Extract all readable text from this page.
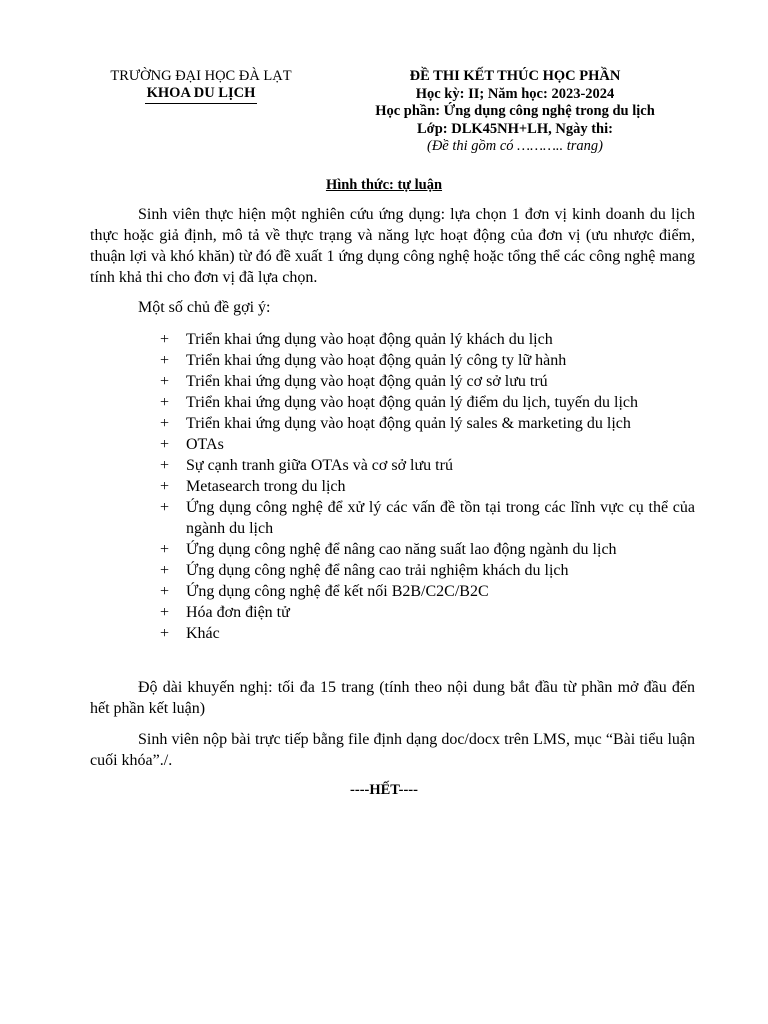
TRƯỜNG ĐẠI HỌC ĐÀ LẠT
KHOA DU LỊCH
ĐỀ THI KẾT THÚC HỌC PHẦN
Học kỳ: II; Năm học: 2023-2024
Học phần: Ứng dụng công nghệ trong du lịch
Lớp: DLK45NH+LH, Ngày thi:
(Đề thi gồm có ……….. trang)
Hình thức: tự luận
Sinh viên thực hiện một nghiên cứu ứng dụng: lựa chọn 1 đơn vị kinh doanh du lịch thực hoặc giả định, mô tả về thực trạng và năng lực hoạt động của đơn vị (ưu nhược điểm, thuận lợi và khó khăn) từ đó đề xuất 1 ứng dụng công nghệ hoặc tổng thể các công nghệ mang tính khả thi cho đơn vị đã lựa chọn.
Một số chủ đề gợi ý:
+ Triển khai ứng dụng vào hoạt động quản lý khách du lịch
+ Triển khai ứng dụng vào hoạt động quản lý công ty lữ hành
+ Triển khai ứng dụng vào hoạt động quản lý cơ sở lưu trú
+ Triển khai ứng dụng vào hoạt động quản lý điểm du lịch, tuyến du lịch
+ Triển khai ứng dụng vào hoạt động quản lý sales & marketing du lịch
+ OTAs
+ Sự cạnh tranh giữa OTAs và cơ sở lưu trú
+ Metasearch trong du lịch
+ Ứng dụng công nghệ để xử lý các vấn đề tồn tại trong các lĩnh vực cụ thể của ngành du lịch
+ Ứng dụng công nghệ để nâng cao năng suất lao động ngành du lịch
+ Ứng dụng công nghệ để nâng cao trải nghiệm khách du lịch
+ Ứng dụng công nghệ để kết nối B2B/C2C/B2C
+ Hóa đơn điện tử
+ Khác
Độ dài khuyến nghị: tối đa 15 trang (tính theo nội dung bắt đầu từ phần mở đầu đến hết phần kết luận)
Sinh viên nộp bài trực tiếp bằng file định dạng doc/docx trên LMS, mục “Bài tiểu luận cuối khóa”./.
----HẾT----
